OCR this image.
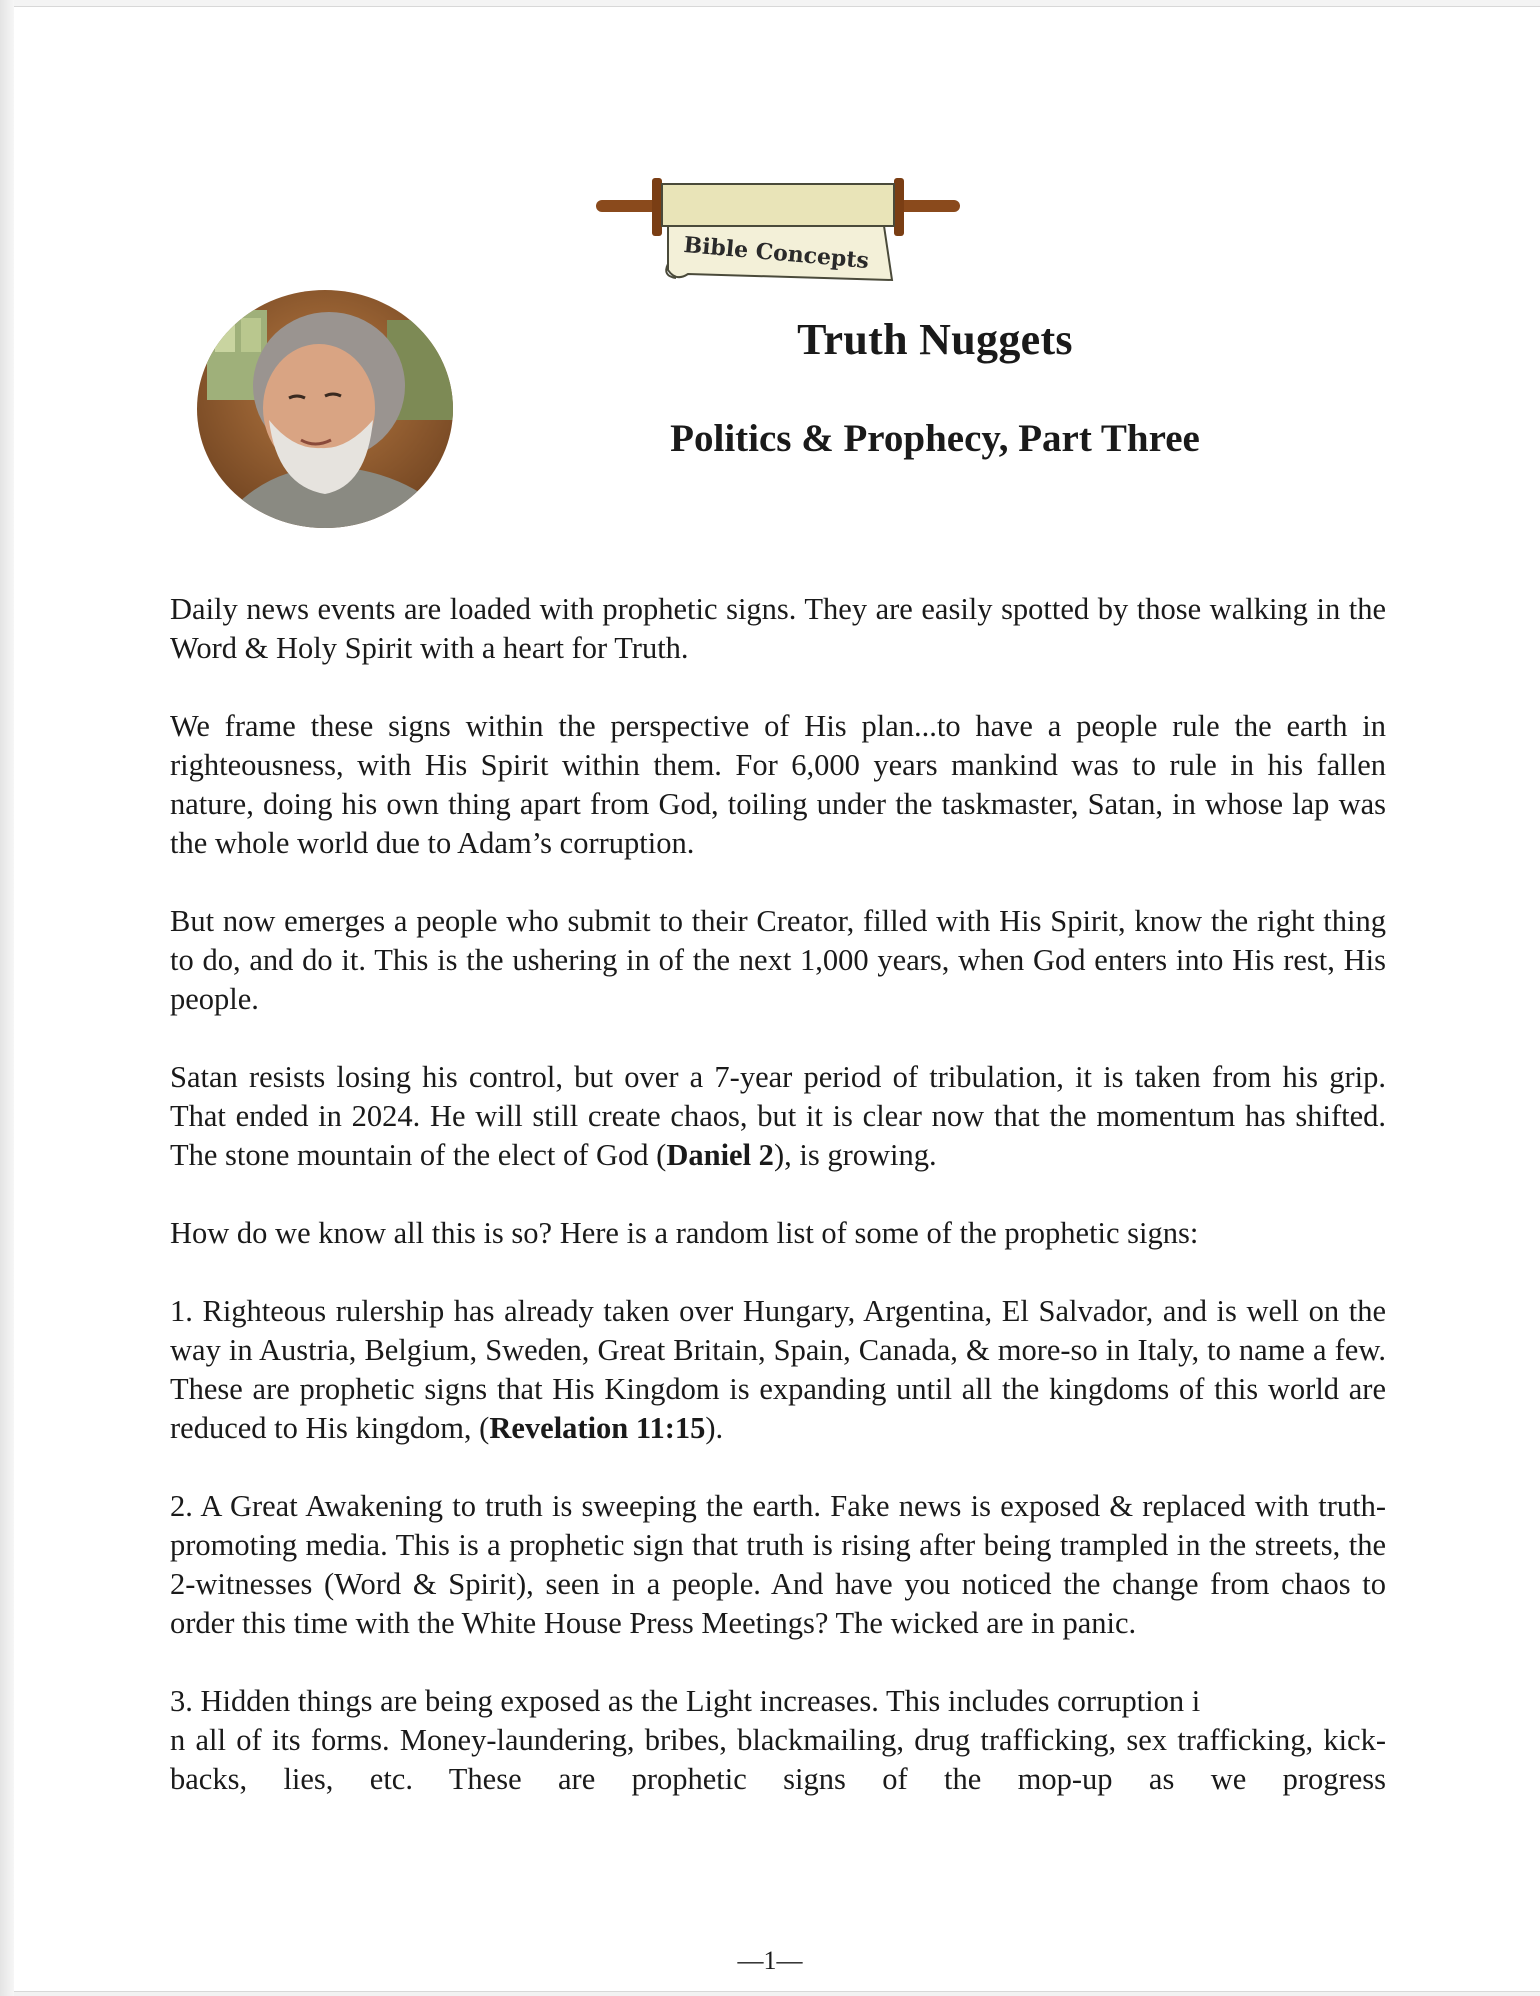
Bible Concepts
Truth Nuggets
Politics & Prophecy, Part Three

Daily news events are loaded with prophetic signs. They are easily spotted by those walking in the Word & Holy Spirit with a heart for Truth.

We frame these signs within the perspective of His plan...to have a people rule the earth in righteousness, with His Spirit within them. For 6,000 years mankind was to rule in his fallen nature, doing his own thing apart from God, toiling under the taskmaster, Satan, in whose lap was the whole world due to Adam’s corruption.

But now emerges a people who submit to their Creator, filled with His Spirit, know the right thing to do, and do it. This is the ushering in of the next 1,000 years, when God enters into His rest, His people.

Satan resists losing his control, but over a 7-year period of tribulation, it is taken from his grip. That ended in 2024. He will still create chaos, but it is clear now that the momentum has shifted. The stone mountain of the elect of God (Daniel 2), is growing.

How do we know all this is so? Here is a random list of some of the prophetic signs:

1. Righteous rulership has already taken over Hungary, Argentina, El Salvador, and is well on the way in Austria, Belgium, Sweden, Great Britain, Spain, Canada, & more-so in Italy, to name a few. These are prophetic signs that His Kingdom is expanding until all the kingdoms of this world are reduced to His kingdom, (Revelation 11:15).

2. A Great Awakening to truth is sweeping the earth. Fake news is exposed & replaced with truth-promoting media. This is a prophetic sign that truth is rising after being trampled in the streets, the 2-witnesses (Word & Spirit), seen in a people. And have you noticed the change from chaos to order this time with the White House Press Meetings? The wicked are in panic.

3. Hidden things are being exposed as the Light increases. This includes corruption i
n all of its forms. Money-laundering, bribes, blackmailing, drug trafficking, sex trafficking, kick-backs, lies, etc. These are prophetic signs of the mop-up as we progress

—1—
